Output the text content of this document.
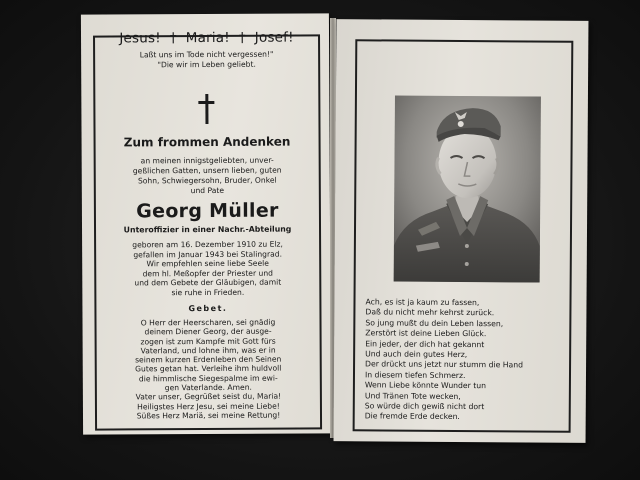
Jesus!  †  Maria!  †  Josef!

Laßt uns im Tode nicht vergessen!"
"Die wir im Leben geliebt.

Zum frommen Andenken

an meinen innigstgeliebten, unver-
geßlichen Gatten, unsern lieben, guten
Sohn, Schwiegersohn, Bruder, Onkel
und Pate

Georg Müller

Unteroffizier in einer Nachr.-Abteilung

geboren am 16. Dezember 1910 zu Elz,
gefallen im Januar 1943 bei Stalingrad.
Wir empfehlen seine liebe Seele
dem hl. Meßopfer der Priester und
und dem Gebete der Gläubigen, damit
sie ruhe in Frieden.

Gebet.

O Herr der Heerscharen, sei gnädig
deinem Diener Georg, der ausge-
zogen ist zum Kampfe mit Gott fürs
Vaterland, und lohne ihm, was er in
seinem kurzen Erdenleben den Seinen
Gutes getan hat. Verleihe ihm huldvoll
die himmlische Siegespalme im ewi-
gen Vaterlande. Amen.
Vater unser, Gegrüßet seist du, Maria!
Heiligstes Herz Jesu, sei meine Liebe!
Süßes Herz Mariä, sei meine Rettung!

Ach, es ist ja kaum zu fassen,
Daß du nicht mehr kehrst zurück.
So jung mußt du dein Leben lassen,
Zerstört ist deine Lieben Glück.
Ein jeder, der dich hat gekannt
Und auch dein gutes Herz,
Der drückt uns jetzt nur stumm die Hand
In diesem tiefen Schmerz.
Wenn Liebe könnte Wunder tun
Und Tränen Tote wecken,
So würde dich gewiß nicht dort
Die fremde Erde decken.
